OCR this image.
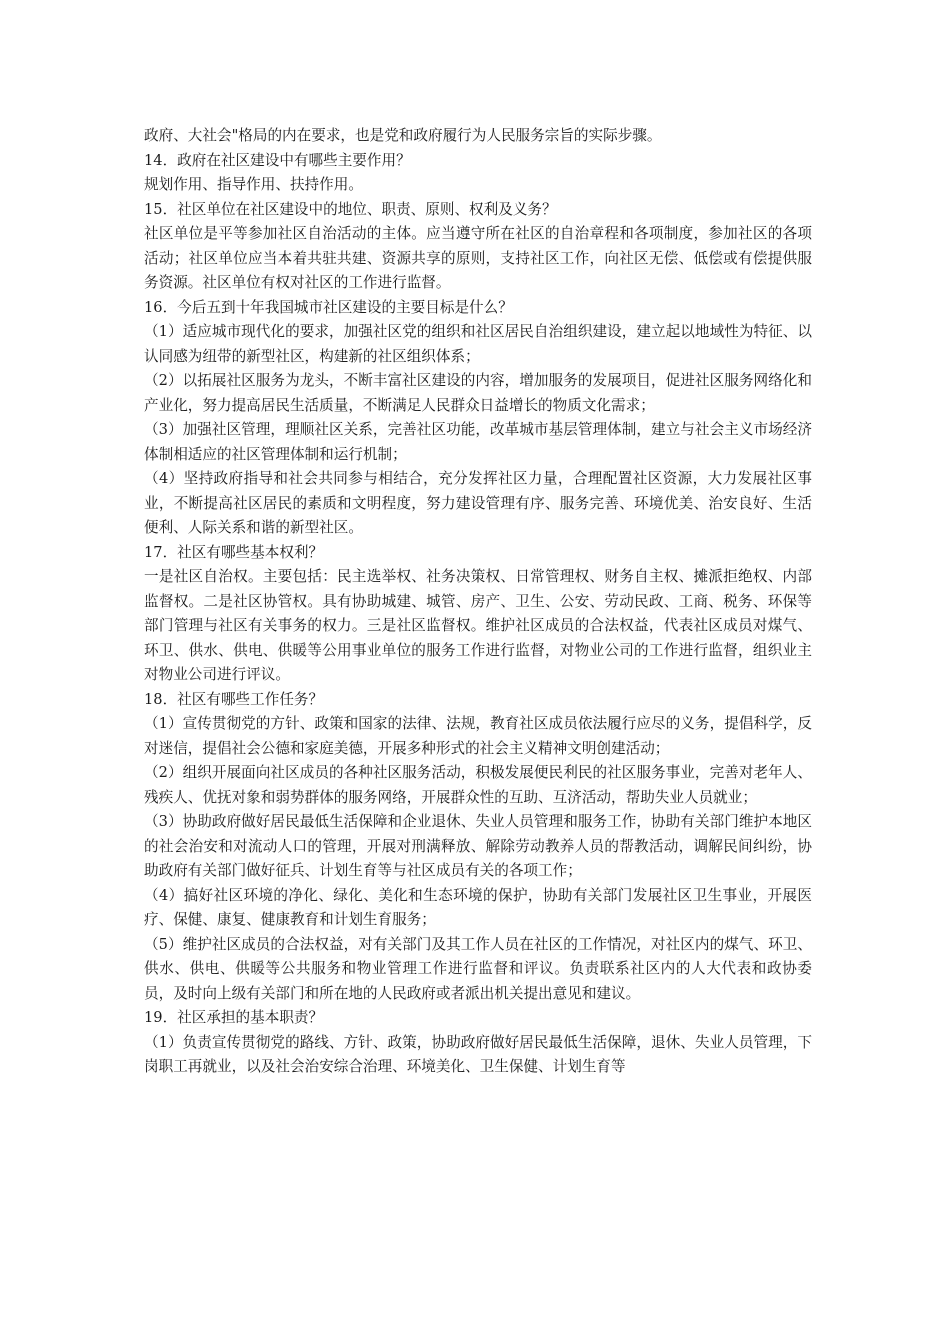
政府、大社会"格局的内在要求，也是党和政府履行为人民服务宗旨的实际步骤。

14．政府在社区建设中有哪些主要作用？

规划作用、指导作用、扶持作用。

15．社区单位在社区建设中的地位、职责、原则、权利及义务？

社区单位是平等参加社区自治活动的主体。应当遵守所在社区的自治章程和各项制度，参加社区的各项活动；社区单位应当本着共驻共建、资源共享的原则，支持社区工作，向社区无偿、低偿或有偿提供服务资源。社区单位有权对社区的工作进行监督。

16．今后五到十年我国城市社区建设的主要目标是什么？

（1）适应城市现代化的要求，加强社区党的组织和社区居民自治组织建设，建立起以地域性为特征、以认同感为纽带的新型社区，构建新的社区组织体系；

（2）以拓展社区服务为龙头，不断丰富社区建设的内容，增加服务的发展项目，促进社区服务网络化和产业化，努力提高居民生活质量，不断满足人民群众日益增长的物质文化需求；

（3）加强社区管理，理顺社区关系，完善社区功能，改革城市基层管理体制，建立与社会主义市场经济体制相适应的社区管理体制和运行机制；

（4）坚持政府指导和社会共同参与相结合，充分发挥社区力量，合理配置社区资源，大力发展社区事业，不断提高社区居民的素质和文明程度，努力建设管理有序、服务完善、环境优美、治安良好、生活便利、人际关系和谐的新型社区。

17．社区有哪些基本权利？

一是社区自治权。主要包括：民主选举权、社务决策权、日常管理权、财务自主权、摊派拒绝权、内部监督权。二是社区协管权。具有协助城建、城管、房产、卫生、公安、劳动民政、工商、税务、环保等部门管理与社区有关事务的权力。三是社区监督权。维护社区成员的合法权益，代表社区成员对煤气、环卫、供水、供电、供暖等公用事业单位的服务工作进行监督，对物业公司的工作进行监督，组织业主对物业公司进行评议。

18．社区有哪些工作任务？

（1）宣传贯彻党的方针、政策和国家的法律、法规，教育社区成员依法履行应尽的义务，提倡科学，反对迷信，提倡社会公德和家庭美德，开展多种形式的社会主义精神文明创建活动；

（2）组织开展面向社区成员的各种社区服务活动，积极发展便民利民的社区服务事业，完善对老年人、残疾人、优抚对象和弱势群体的服务网络，开展群众性的互助、互济活动，帮助失业人员就业；

（3）协助政府做好居民最低生活保障和企业退休、失业人员管理和服务工作，协助有关部门维护本地区的社会治安和对流动人口的管理，开展对刑满释放、解除劳动教养人员的帮教活动，调解民间纠纷，协助政府有关部门做好征兵、计划生育等与社区成员有关的各项工作；

（4）搞好社区环境的净化、绿化、美化和生态环境的保护，协助有关部门发展社区卫生事业，开展医疗、保健、康复、健康教育和计划生育服务；

（5）维护社区成员的合法权益，对有关部门及其工作人员在社区的工作情况，对社区内的煤气、环卫、供水、供电、供暖等公共服务和物业管理工作进行监督和评议。负责联系社区内的人大代表和政协委员，及时向上级有关部门和所在地的人民政府或者派出机关提出意见和建议。

19．社区承担的基本职责？

（1）负责宣传贯彻党的路线、方针、政策，协助政府做好居民最低生活保障，退休、失业人员管理，下岗职工再就业，以及社会治安综合治理、环境美化、卫生保健、计划生育等
